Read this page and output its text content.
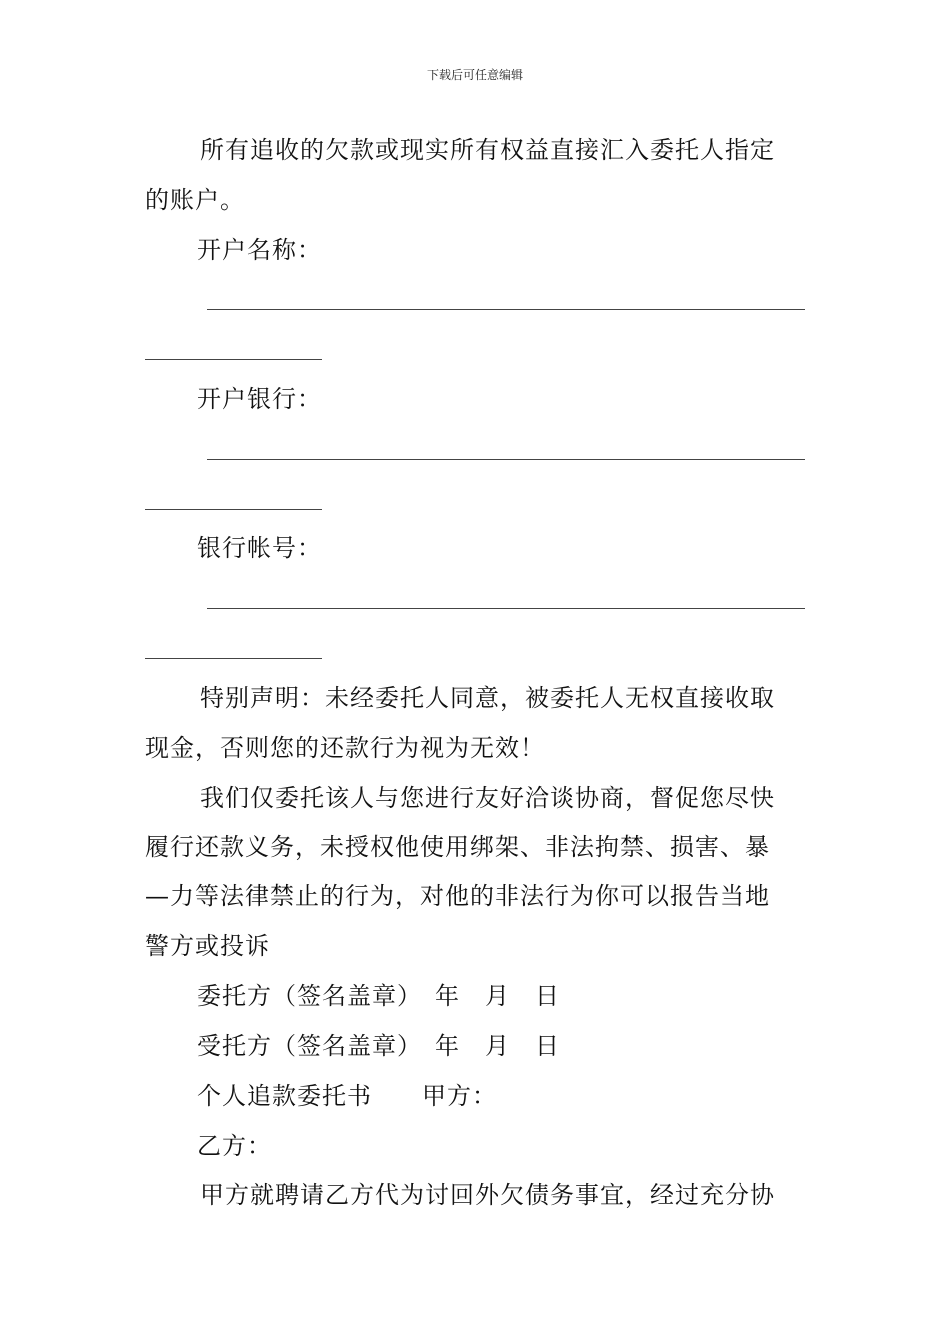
下载后可任意编辑
所有追收的欠款或现实所有权益直接汇入委托人指定
的账户。
开户名称：
开户银行：
银行帐号：
特别声明：未经委托人同意，被委托人无权直接收取
现金，否则您的还款行为视为无效！
我们仅委托该人与您进行友好洽谈协商，督促您尽快
履行还款义务，未授权他使用绑架、非法拘禁、损害、暴
—力等法律禁止的行为，对他的非法行为你可以报告当地
警方或投诉
委托方（签名盖章）　年　月　日
受托方（签名盖章）　年　月　日
个人追款委托书　　甲方：
乙方：
甲方就聘请乙方代为讨回外欠债务事宜，经过充分协
